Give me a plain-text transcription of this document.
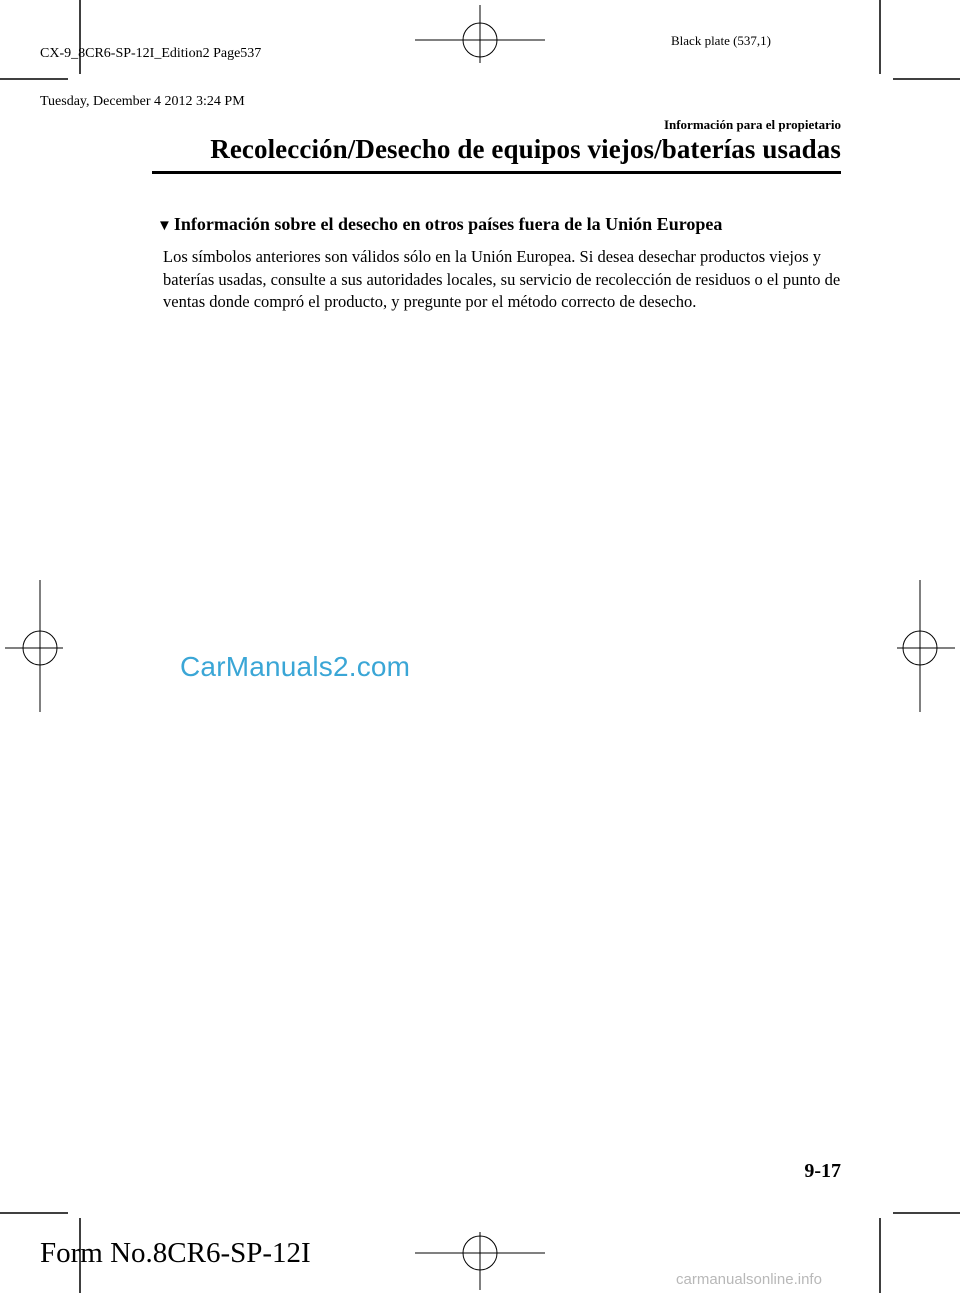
CX-9_8CR6-SP-12I_Edition2 Page537

Tuesday, December 4 2012 3:24 PM

Black plate (537,1)
Información para el propietario
Recolección/Desecho de equipos viejos/baterías usadas
▼ Información sobre el desecho en otros países fuera de la Unión Europea
Los símbolos anteriores son válidos sólo en la Unión Europea. Si desea desechar productos viejos y baterías usadas, consulte a sus autoridades locales, su servicio de recolección de residuos o el punto de ventas donde compró el producto, y pregunte por el método correcto de desecho.
CarManuals2.com
9-17
Form No.8CR6-SP-12I
carmanualsonline.info
